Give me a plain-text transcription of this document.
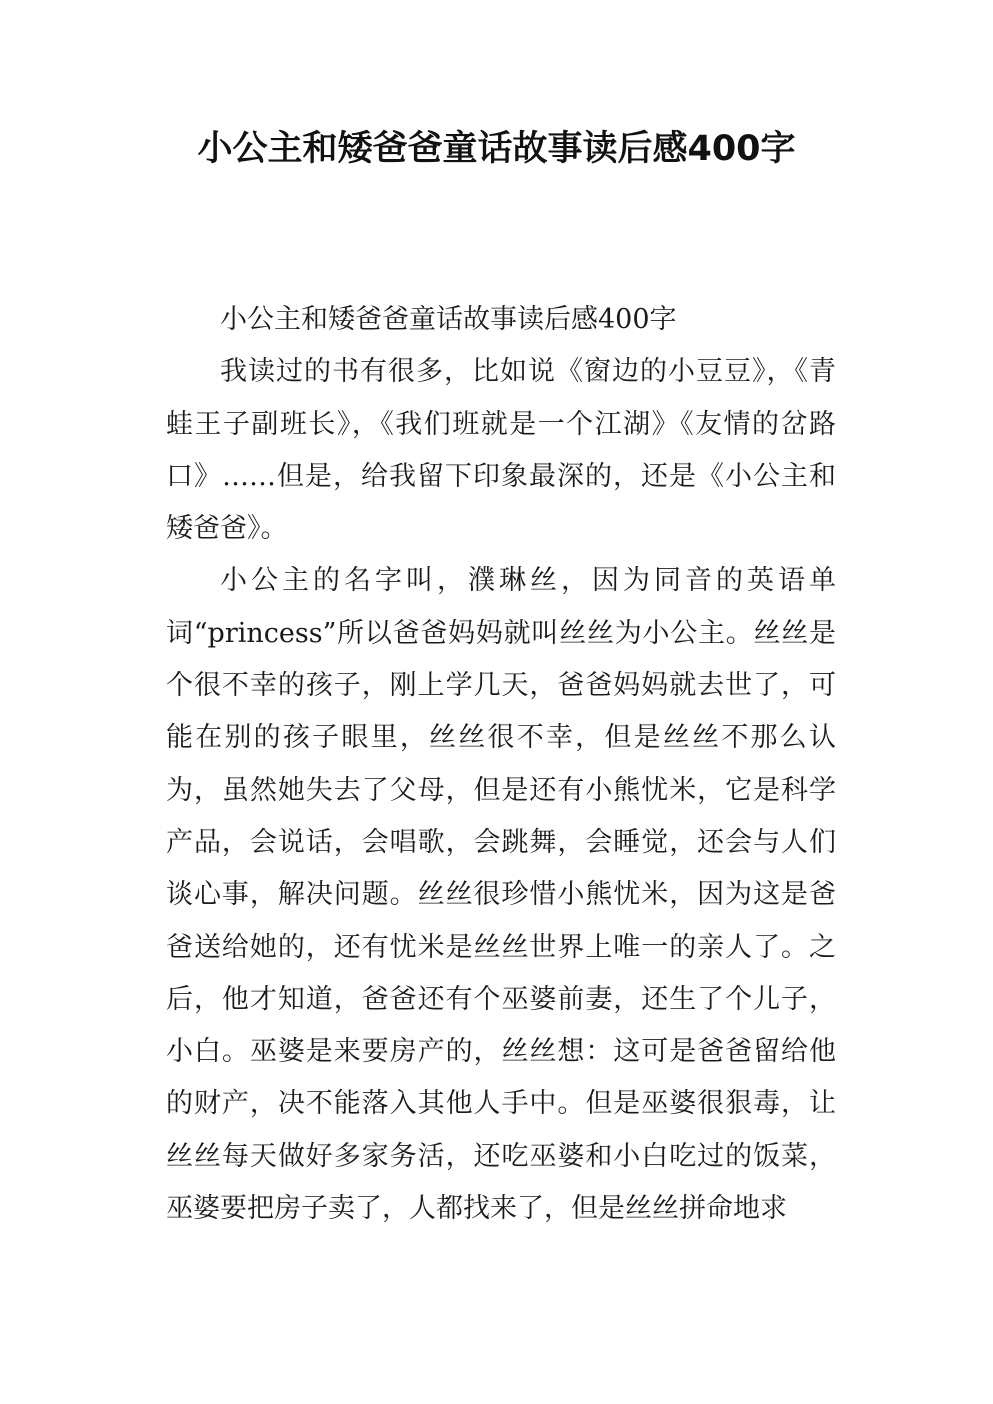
小公主和矮爸爸童话故事读后感400字

小公主和矮爸爸童话故事读后感400字

我读过的书有很多，比如说《窗边的小豆豆》，《青蛙王子副班长》，《我们班就是一个江湖》《友情的岔路口》……但是，给我留下印象最深的，还是《小公主和矮爸爸》。

小公主的名字叫，濮琳丝，因为同音的英语单词“princess”所以爸爸妈妈就叫丝丝为小公主。丝丝是个很不幸的孩子，刚上学几天，爸爸妈妈就去世了，可能在别的孩子眼里，丝丝很不幸，但是丝丝不那么认为，虽然她失去了父母，但是还有小熊忧米，它是科学产品，会说话，会唱歌，会跳舞，会睡觉，还会与人们谈心事，解决问题。丝丝很珍惜小熊忧米，因为这是爸爸送给她的，还有忧米是丝丝世界上唯一的亲人了。之后，他才知道，爸爸还有个巫婆前妻，还生了个儿子，小白。巫婆是来要房产的，丝丝想：这可是爸爸留给他的财产，决不能落入其他人手中。但是巫婆很狠毒，让丝丝每天做好多家务活，还吃巫婆和小白吃过的饭菜，巫婆要把房子卖了，人都找来了，但是丝丝拼命地求
